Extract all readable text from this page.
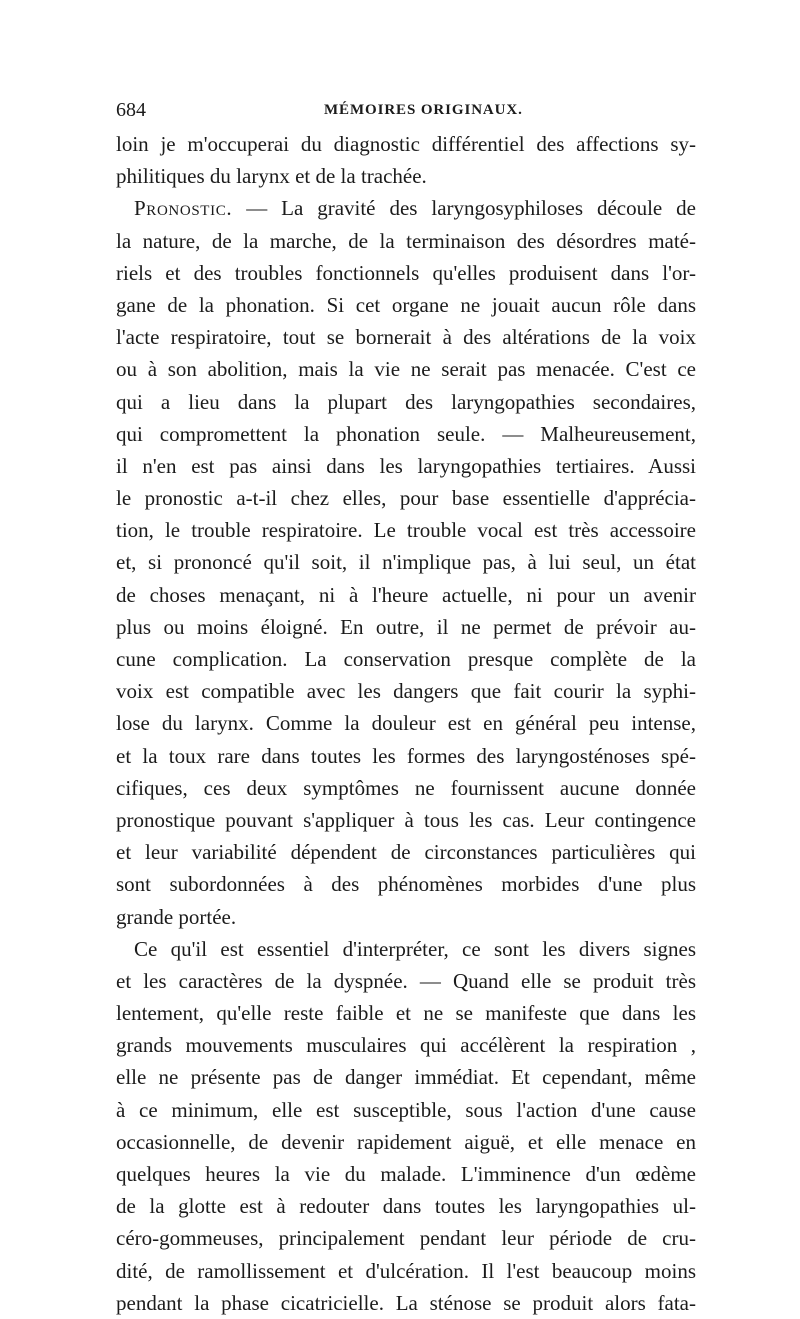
684	MÉMOIRES ORIGINAUX.
loin je m'occuperai du diagnostic différentiel des affections sy-
philitiques du larynx et de la trachée.
Pronostic. — La gravité des laryngosyphiloses découle de
la nature, de la marche, de la terminaison des désordres maté-
riels et des troubles fonctionnels qu'elles produisent dans l'or-
gane de la phonation. Si cet organe ne jouait aucun rôle dans
l'acte respiratoire, tout se bornerait à des altérations de la voix
ou à son abolition, mais la vie ne serait pas menacée. C'est ce
qui a lieu dans la plupart des laryngopathies secondaires,
qui compromettent la phonation seule. — Malheureusement,
il n'en est pas ainsi dans les laryngopathies tertiaires. Aussi
le pronostic a-t-il chez elles, pour base essentielle d'apprécia-
tion, le trouble respiratoire. Le trouble vocal est très accessoire
et, si prononcé qu'il soit, il n'implique pas, à lui seul, un état
de choses menaçant, ni à l'heure actuelle, ni pour un avenir
plus ou moins éloigné. En outre, il ne permet de prévoir au-
cune complication. La conservation presque complète de la
voix est compatible avec les dangers que fait courir la syphi-
lose du larynx. Comme la douleur est en général peu intense,
et la toux rare dans toutes les formes des laryngosténoses spé-
cifiques, ces deux symptômes ne fournissent aucune donnée
pronostique pouvant s'appliquer à tous les cas. Leur contingence
et leur variabilité dépendent de circonstances particulières qui
sont subordonnées à des phénomènes morbides d'une plus
grande portée.
Ce qu'il est essentiel d'interpréter, ce sont les divers signes
et les caractères de la dyspnée. — Quand elle se produit très
lentement, qu'elle reste faible et ne se manifeste que dans les
grands mouvements musculaires qui accélèrent la respiration ,
elle ne présente pas de danger immédiat. Et cependant, même
à ce minimum, elle est susceptible, sous l'action d'une cause
occasionnelle, de devenir rapidement aiguë, et elle menace en
quelques heures la vie du malade. L'imminence d'un œdème
de la glotte est à redouter dans toutes les laryngopathies ul-
céro-gommeuses, principalement pendant leur période de cru-
dité, de ramollissement et d'ulcération. Il l'est beaucoup moins
pendant la phase cicatricielle. La sténose se produit alors fata-
